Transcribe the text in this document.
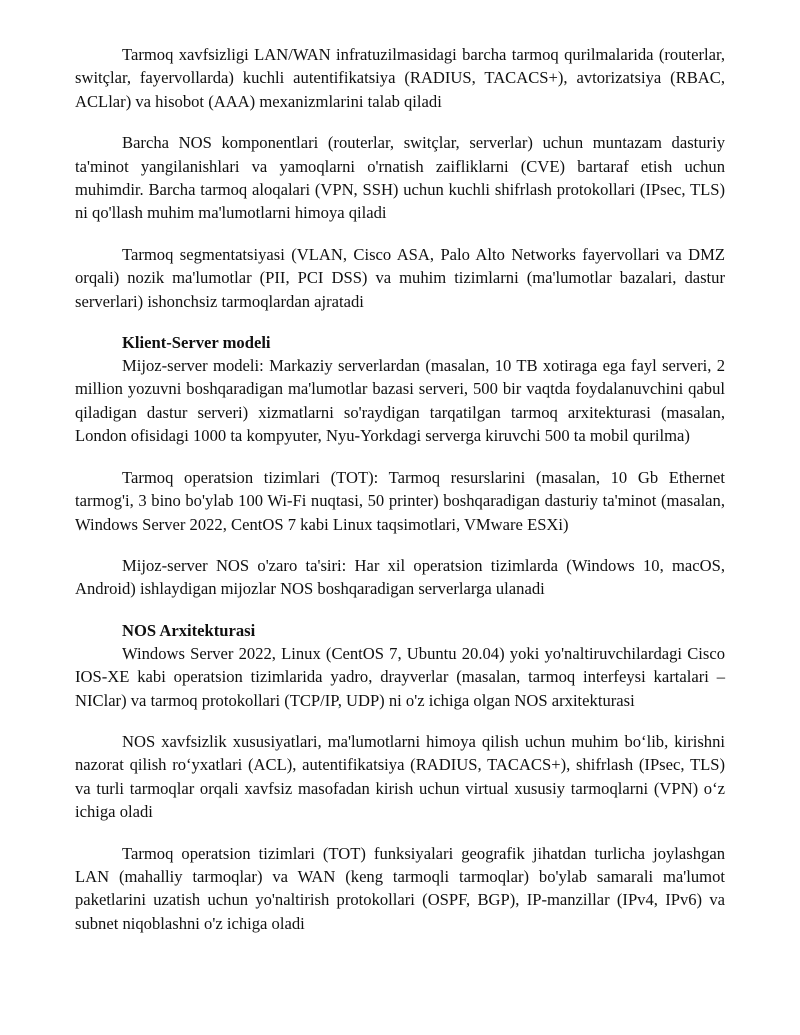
Tarmoq xavfsizligi LAN/WAN infratuzilmasidagi barcha tarmoq qurilmalarida (routerlar, switçlar, fayervollarda) kuchli autentifikatsiya (RADIUS, TACACS+), avtorizatsiya (RBAC, ACLlar) va hisobot (AAA) mexanizmlarini talab qiladi

Barcha NOS komponentlari (routerlar, switçlar, serverlar) uchun muntazam dasturiy ta'minot yangilanishlari va yamoqlarni o'rnatish zaifliklarni (CVE) bartaraf etish uchun muhimdir. Barcha tarmoq aloqalari (VPN, SSH) uchun kuchli shifrlash protokollari (IPsec, TLS) ni qo'llash muhim ma'lumotlarni himoya qiladi

Tarmoq segmentatsiyasi (VLAN, Cisco ASA, Palo Alto Networks fayervollari va DMZ orqali) nozik ma'lumotlar (PII, PCI DSS) va muhim tizimlarni (ma'lumotlar bazalari, dastur serverlari) ishonchsiz tarmoqlardan ajratadi

Klient-Server modeli

Mijoz-server modeli: Markaziy serverlardan (masalan, 10 TB xotiraga ega fayl serveri, 2 million yozuvni boshqaradigan ma'lumotlar bazasi serveri, 500 bir vaqtda foydalanuvchini qabul qiladigan dastur serveri) xizmatlarni so'raydigan tarqatilgan tarmoq arxitekturasi (masalan, London ofisidagi 1000 ta kompyuter, Nyu-Yorkdagi serverga kiruvchi 500 ta mobil qurilma)

Tarmoq operatsion tizimlari (TOT): Tarmoq resurslarini (masalan, 10 Gb Ethernet tarmog'i, 3 bino bo'ylab 100 Wi-Fi nuqtasi, 50 printer) boshqaradigan dasturiy ta'minot (masalan, Windows Server 2022, CentOS 7 kabi Linux taqsimotlari, VMware ESXi)

Mijoz-server NOS o'zaro ta'siri: Har xil operatsion tizimlarda (Windows 10, macOS, Android) ishlaydigan mijozlar NOS boshqaradigan serverlarga ulanadi

NOS Arxitekturasi

Windows Server 2022, Linux (CentOS 7, Ubuntu 20.04) yoki yo'naltiruvchilardagi Cisco IOS-XE kabi operatsion tizimlarida yadro, drayverlar (masalan, tarmoq interfeysi kartalari – NIClar) va tarmoq protokollari (TCP/IP, UDP) ni o'z ichiga olgan NOS arxitekturasi

NOS xavfsizlik xususiyatlari, ma'lumotlarni himoya qilish uchun muhim bo‘lib, kirishni nazorat qilish ro‘yxatlari (ACL), autentifikatsiya (RADIUS, TACACS+), shifrlash (IPsec, TLS) va turli tarmoqlar orqali xavfsiz masofadan kirish uchun virtual xususiy tarmoqlarni (VPN) o‘z ichiga oladi

Tarmoq operatsion tizimlari (TOT) funksiyalari geografik jihatdan turlicha joylashgan LAN (mahalliy tarmoqlar) va WAN (keng tarmoqli tarmoqlar) bo'ylab samarali ma'lumot paketlarini uzatish uchun yo'naltirish protokollari (OSPF, BGP), IP-manzillar (IPv4, IPv6) va subnet niqoblashni o'z ichiga oladi
